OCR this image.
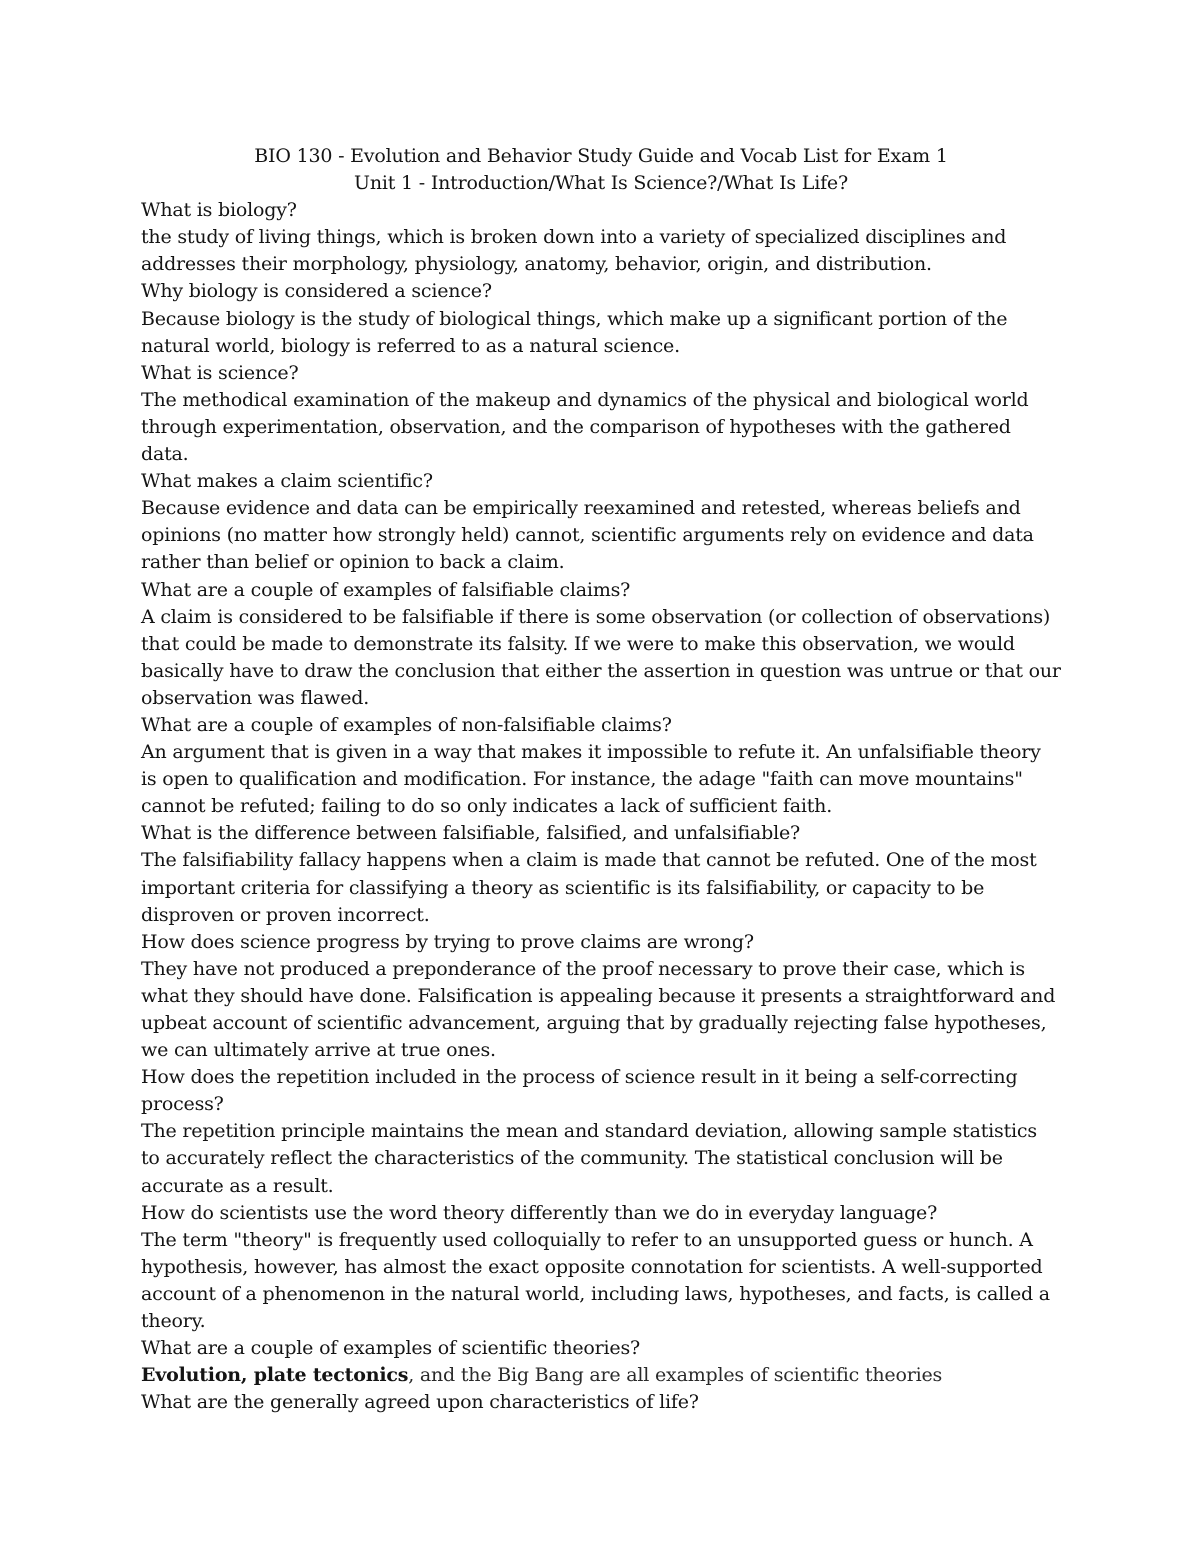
BIO 130 - Evolution and Behavior Study Guide and Vocab List for Exam 1

Unit 1 - Introduction/What Is Science?/What Is Life?

What is biology?

the study of living things, which is broken down into a variety of specialized disciplines and addresses their morphology, physiology, anatomy, behavior, origin, and distribution.

Why biology is considered a science?

Because biology is the study of biological things, which make up a significant portion of the natural world, biology is referred to as a natural science.

What is science?

The methodical examination of the makeup and dynamics of the physical and biological world through experimentation, observation, and the comparison of hypotheses with the gathered data.

What makes a claim scientific?

Because evidence and data can be empirically reexamined and retested, whereas beliefs and opinions (no matter how strongly held) cannot, scientific arguments rely on evidence and data rather than belief or opinion to back a claim.

What are a couple of examples of falsifiable claims?

A claim is considered to be falsifiable if there is some observation (or collection of observations) that could be made to demonstrate its falsity. If we were to make this observation, we would basically have to draw the conclusion that either the assertion in question was untrue or that our observation was flawed.

What are a couple of examples of non-falsifiable claims?

An argument that is given in a way that makes it impossible to refute it. An unfalsifiable theory is open to qualification and modification. For instance, the adage "faith can move mountains" cannot be refuted; failing to do so only indicates a lack of sufficient faith.

What is the difference between falsifiable, falsified, and unfalsifiable?

The falsifiability fallacy happens when a claim is made that cannot be refuted. One of the most important criteria for classifying a theory as scientific is its falsifiability, or capacity to be disproven or proven incorrect.

How does science progress by trying to prove claims are wrong?

They have not produced a preponderance of the proof necessary to prove their case, which is what they should have done. Falsification is appealing because it presents a straightforward and upbeat account of scientific advancement, arguing that by gradually rejecting false hypotheses, we can ultimately arrive at true ones.

How does the repetition included in the process of science result in it being a self-correcting process?

The repetition principle maintains the mean and standard deviation, allowing sample statistics to accurately reflect the characteristics of the community. The statistical conclusion will be accurate as a result.

How do scientists use the word theory differently than we do in everyday language?

The term "theory" is frequently used colloquially to refer to an unsupported guess or hunch. A hypothesis, however, has almost the exact opposite connotation for scientists. A well-supported account of a phenomenon in the natural world, including laws, hypotheses, and facts, is called a theory.

What are a couple of examples of scientific theories?

Evolution, plate tectonics, and the Big Bang are all examples of scientific theories

What are the generally agreed upon characteristics of life?
